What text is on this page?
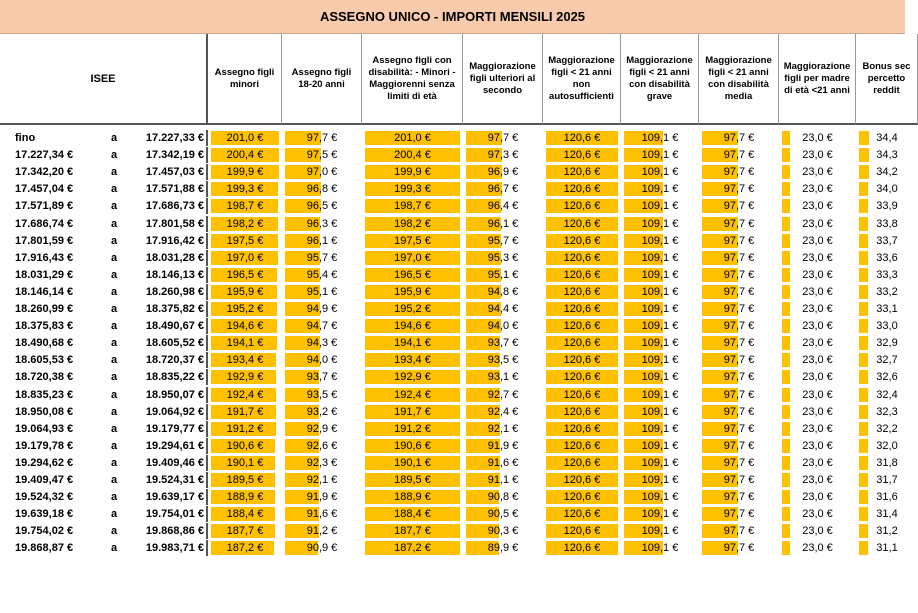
ASSEGNO UNICO - IMPORTI MENSILI 2025
ISEE
Assegno figli minori
Assegno figli 18-20 anni
Assegno figli con disabilità: - Minori - Maggiorenni senza limiti di età
Maggiorazione figli ulteriori al secondo
Maggiorazione figli < 21 anni non autosufficienti
Maggiorazione figli < 21 anni con disabilità grave
Maggiorazione figli < 21 anni con disabilità media
Maggiorazione figli per madre di età <21 anni
Bonus sec percetto reddit
fino	a	17.227,33 €	201,0 €	97,7 €	201,0 €	97,7 €	120,6 €	109,1 €	97,7 €	23,0 €	34,4
17.227,34 €	a	17.342,19 €	200,4 €	97,5 €	200,4 €	97,3 €	120,6 €	109,1 €	97,7 €	23,0 €	34,3
17.342,20 €	a	17.457,03 €	199,9 €	97,0 €	199,9 €	96,9 €	120,6 €	109,1 €	97,7 €	23,0 €	34,2
17.457,04 €	a	17.571,88 €	199,3 €	96,8 €	199,3 €	96,7 €	120,6 €	109,1 €	97,7 €	23,0 €	34,0
17.571,89 €	a	17.686,73 €	198,7 €	96,5 €	198,7 €	96,4 €	120,6 €	109,1 €	97,7 €	23,0 €	33,9
17.686,74 €	a	17.801,58 €	198,2 €	96,3 €	198,2 €	96,1 €	120,6 €	109,1 €	97,7 €	23,0 €	33,8
17.801,59 €	a	17.916,42 €	197,5 €	96,1 €	197,5 €	95,7 €	120,6 €	109,1 €	97,7 €	23,0 €	33,7
17.916,43 €	a	18.031,28 €	197,0 €	95,7 €	197,0 €	95,3 €	120,6 €	109,1 €	97,7 €	23,0 €	33,6
18.031,29 €	a	18.146,13 €	196,5 €	95,4 €	196,5 €	95,1 €	120,6 €	109,1 €	97,7 €	23,0 €	33,3
18.146,14 €	a	18.260,98 €	195,9 €	95,1 €	195,9 €	94,8 €	120,6 €	109,1 €	97,7 €	23,0 €	33,2
18.260,99 €	a	18.375,82 €	195,2 €	94,9 €	195,2 €	94,4 €	120,6 €	109,1 €	97,7 €	23,0 €	33,1
18.375,83 €	a	18.490,67 €	194,6 €	94,7 €	194,6 €	94,0 €	120,6 €	109,1 €	97,7 €	23,0 €	33,0
18.490,68 €	a	18.605,52 €	194,1 €	94,3 €	194,1 €	93,7 €	120,6 €	109,1 €	97,7 €	23,0 €	32,9
18.605,53 €	a	18.720,37 €	193,4 €	94,0 €	193,4 €	93,5 €	120,6 €	109,1 €	97,7 €	23,0 €	32,7
18.720,38 €	a	18.835,22 €	192,9 €	93,7 €	192,9 €	93,1 €	120,6 €	109,1 €	97,7 €	23,0 €	32,6
18.835,23 €	a	18.950,07 €	192,4 €	93,5 €	192,4 €	92,7 €	120,6 €	109,1 €	97,7 €	23,0 €	32,4
18.950,08 €	a	19.064,92 €	191,7 €	93,2 €	191,7 €	92,4 €	120,6 €	109,1 €	97,7 €	23,0 €	32,3
19.064,93 €	a	19.179,77 €	191,2 €	92,9 €	191,2 €	92,1 €	120,6 €	109,1 €	97,7 €	23,0 €	32,2
19.179,78 €	a	19.294,61 €	190,6 €	92,6 €	190,6 €	91,9 €	120,6 €	109,1 €	97,7 €	23,0 €	32,0
19.294,62 €	a	19.409,46 €	190,1 €	92,3 €	190,1 €	91,6 €	120,6 €	109,1 €	97,7 €	23,0 €	31,8
19.409,47 €	a	19.524,31 €	189,5 €	92,1 €	189,5 €	91,1 €	120,6 €	109,1 €	97,7 €	23,0 €	31,7
19.524,32 €	a	19.639,17 €	188,9 €	91,9 €	188,9 €	90,8 €	120,6 €	109,1 €	97,7 €	23,0 €	31,6
19.639,18 €	a	19.754,01 €	188,4 €	91,6 €	188,4 €	90,5 €	120,6 €	109,1 €	97,7 €	23,0 €	31,4
19.754,02 €	a	19.868,86 €	187,7 €	91,2 €	187,7 €	90,3 €	120,6 €	109,1 €	97,7 €	23,0 €	31,2
19.868,87 €	a	19.983,71 €	187,2 €	90,9 €	187,2 €	89,9 €	120,6 €	109,1 €	97,7 €	23,0 €	31,1
